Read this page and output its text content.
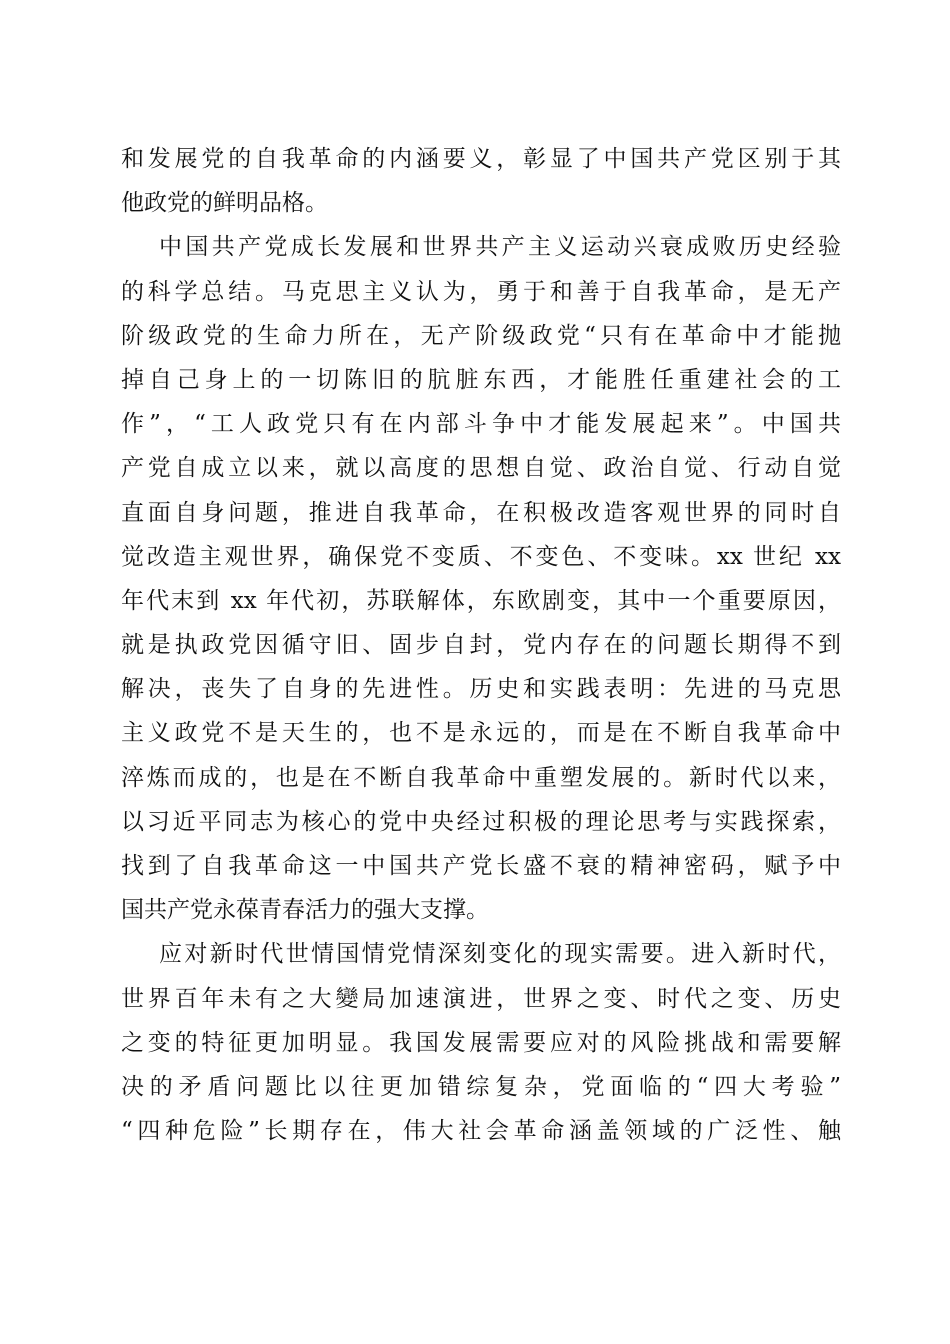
和发展党的自我革命的内涵要义，彰显了中国共产党区别于其
他政党的鲜明品格。
中国共产党成长发展和世界共产主义运动兴衰成败历史经验
的科学总结。马克思主义认为，勇于和善于自我革命，是无产
阶级政党的生命力所在，无产阶级政党“只有在革命中才能抛
掉自己身上的一切陈旧的肮脏东西，才能胜任重建社会的工
作”，“工人政党只有在内部斗争中才能发展起来”。中国共
产党自成立以来，就以高度的思想自觉、政治自觉、行动自觉
直面自身问题，推进自我革命，在积极改造客观世界的同时自
觉改造主观世界，确保党不变质、不变色、不变味。xx 世纪 xx
年代末到 xx 年代初，苏联解体，东欧剧变，其中一个重要原因，
就是执政党因循守旧、固步自封，党内存在的问题长期得不到
解决，丧失了自身的先进性。历史和实践表明：先进的马克思
主义政党不是天生的，也不是永远的，而是在不断自我革命中
淬炼而成的，也是在不断自我革命中重塑发展的。新时代以来，
以习近平同志为核心的党中央经过积极的理论思考与实践探索，
找到了自我革命这一中国共产党长盛不衰的精神密码，赋予中
国共产党永葆青春活力的强大支撑。
应对新时代世情国情党情深刻变化的现实需要。进入新时代，
世界百年未有之大變局加速演进，世界之变、时代之变、历史
之变的特征更加明显。我国发展需要应对的风险挑战和需要解
决的矛盾问题比以往更加错综复杂，党面临的“四大考验”
“四种危险”长期存在，伟大社会革命涵盖领域的广泛性、触
